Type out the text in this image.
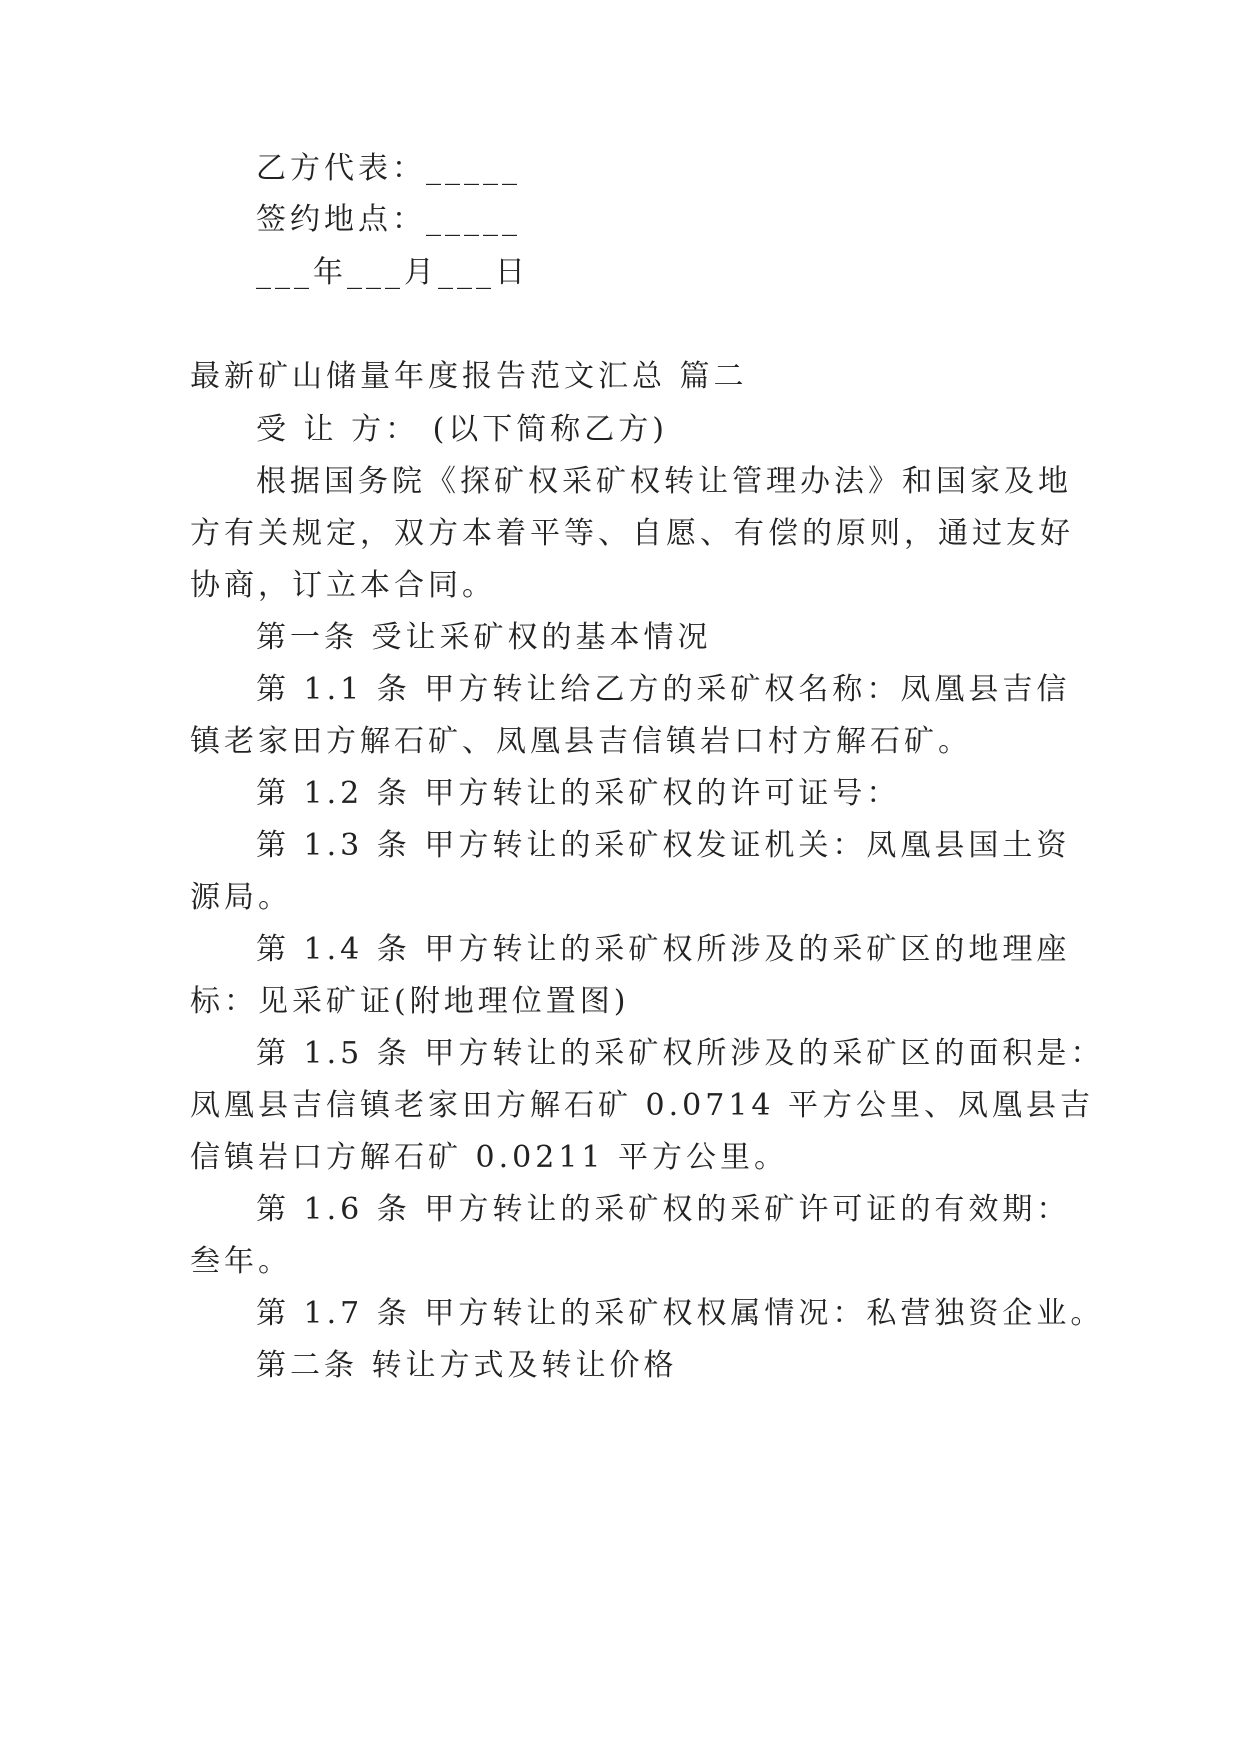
乙方代表：_____
签约地点：_____
___年___月___日
最新矿山储量年度报告范文汇总 篇二
受 让 方： (以下简称乙方)
根据国务院《探矿权采矿权转让管理办法》和国家及地
方有关规定，双方本着平等、自愿、有偿的原则，通过友好
协商，订立本合同。
第一条 受让采矿权的基本情况
第 1.1 条 甲方转让给乙方的采矿权名称：凤凰县吉信
镇老家田方解石矿、凤凰县吉信镇岩口村方解石矿。
第 1.2 条 甲方转让的采矿权的许可证号：
第 1.3 条 甲方转让的采矿权发证机关：凤凰县国土资
源局。
第 1.4 条 甲方转让的采矿权所涉及的采矿区的地理座
标：见采矿证(附地理位置图)
第 1.5 条 甲方转让的采矿权所涉及的采矿区的面积是：
凤凰县吉信镇老家田方解石矿 0.0714 平方公里、凤凰县吉
信镇岩口方解石矿 0.0211 平方公里。
第 1.6 条 甲方转让的采矿权的采矿许可证的有效期：
叁年。
第 1.7 条 甲方转让的采矿权权属情况：私营独资企业。
第二条 转让方式及转让价格
